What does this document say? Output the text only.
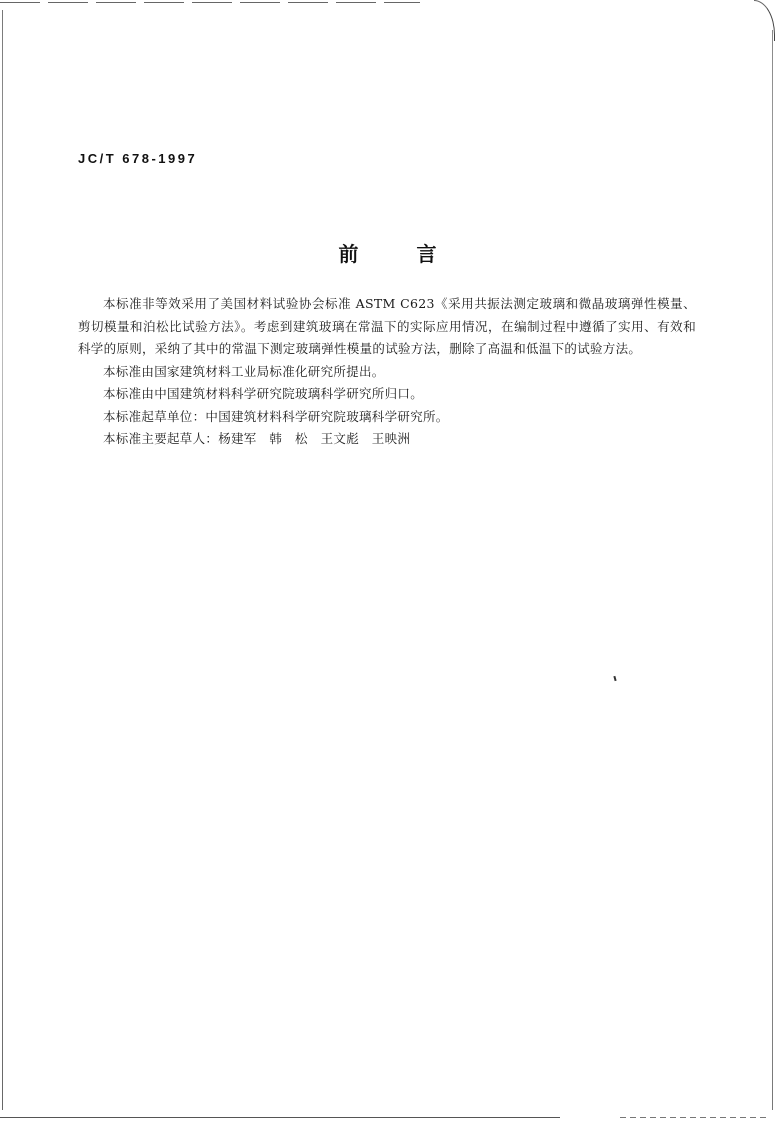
JC/T 678-1997
前言

本标准非等效采用了美国材料试验协会标准 ASTM C623《采用共振法测定玻璃和微晶玻璃弹性模量、剪切模量和泊松比试验方法》。考虑到建筑玻璃在常温下的实际应用情况，在编制过程中遵循了实用、有效和科学的原则，采纳了其中的常温下测定玻璃弹性模量的试验方法，删除了高温和低温下的试验方法。

本标准由国家建筑材料工业局标准化研究所提出。

本标准由中国建筑材料科学研究院玻璃科学研究所归口。

本标准起草单位：中国建筑材料科学研究院玻璃科学研究所。

本标准主要起草人：杨建军　韩　松　王文彪　王映洲
